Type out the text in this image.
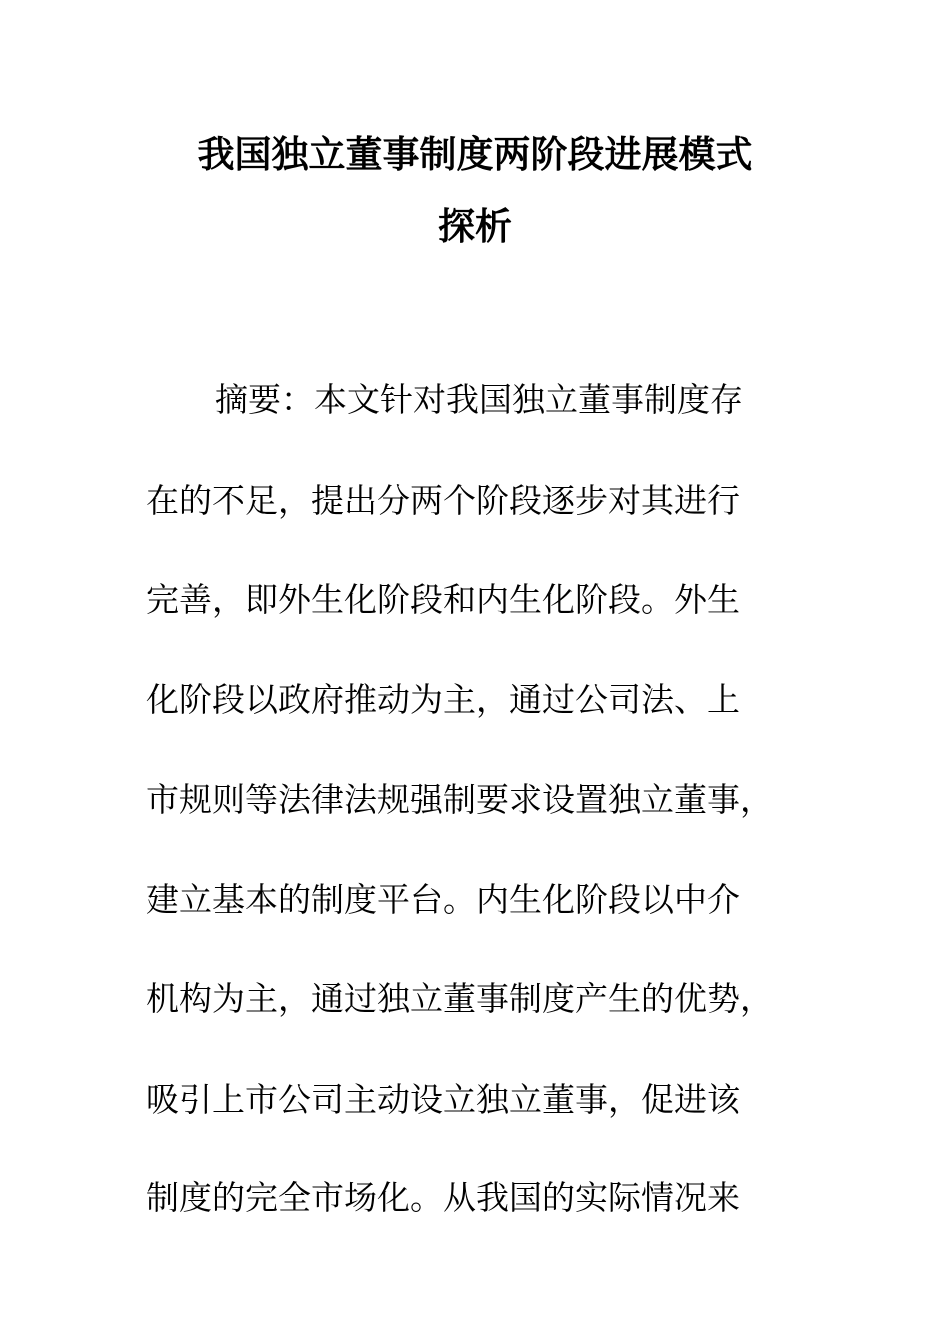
我国独立董事制度两阶段进展模式
探析
摘要：本文针对我国独立董事制度存
在的不足，提出分两个阶段逐步对其进行
完善，即外生化阶段和内生化阶段。外生
化阶段以政府推动为主，通过公司法、上
市规则等法律法规强制要求设置独立董事，
建立基本的制度平台。内生化阶段以中介
机构为主，通过独立董事制度产生的优势，
吸引上市公司主动设立独立董事，促进该
制度的完全市场化。从我国的实际情况来
